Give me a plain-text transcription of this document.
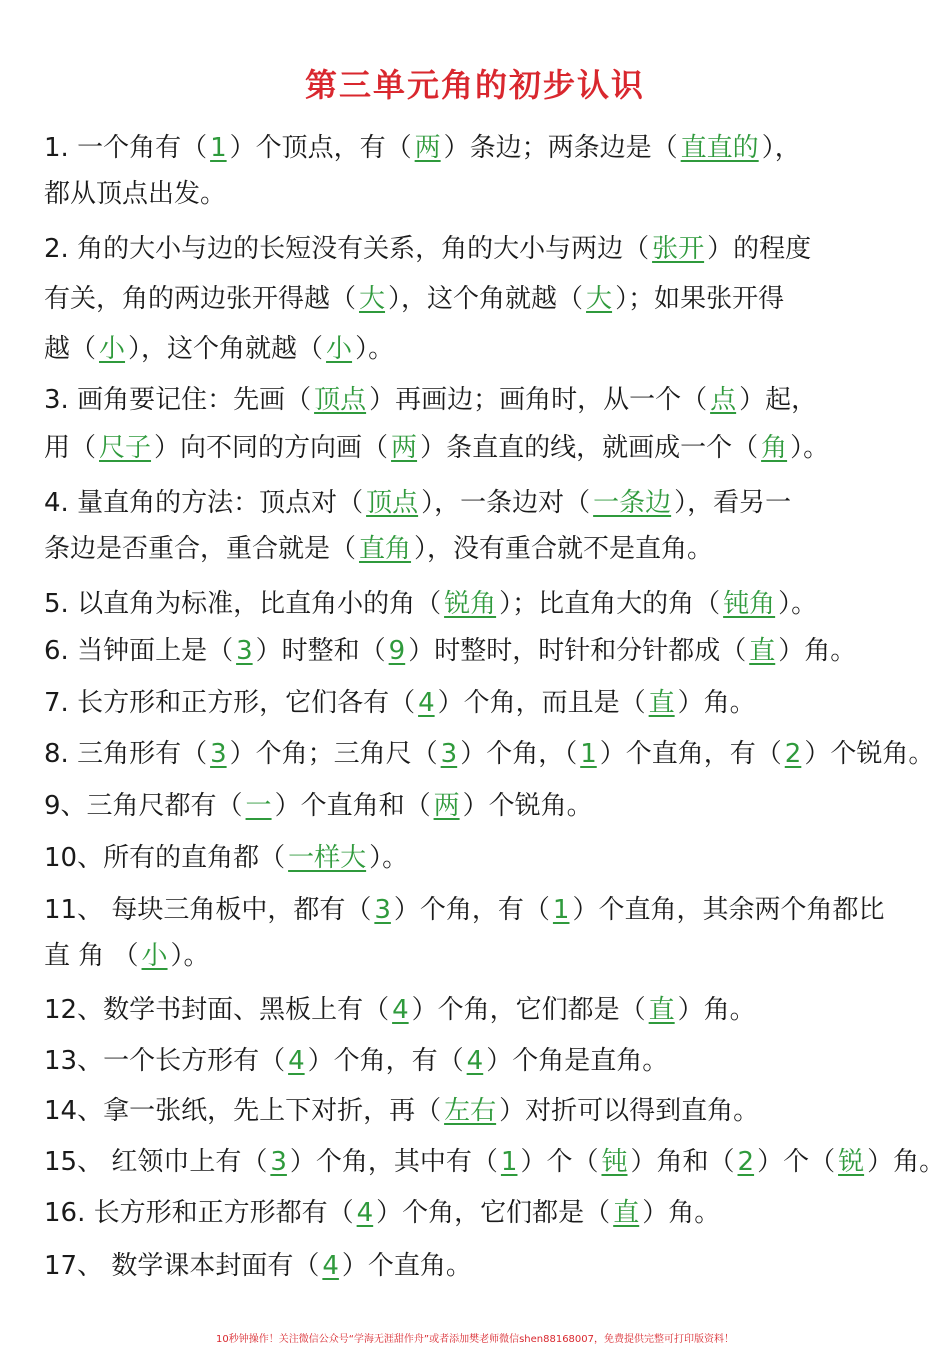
第三单元角的初步认识
1. 一个角有（ 1 ）个顶点，有（ 两 ）条边；两条边是（ 直直的 ），
都从顶点出发。
2. 角的大小与边的长短没有关系，角的大小与两边（ 张开 ）的程度
有关，角的两边张开得越（ 大 ），这个角就越（ 大 ）；如果张开得
越（ 小 ），这个角就越（ 小 ）。
3. 画角要记住：先画（ 顶点 ）再画边；画角时，从一个（ 点 ）起，
用（ 尺子 ）向不同的方向画（ 两 ）条直直的线，就画成一个（ 角 ）。
4. 量直角的方法：顶点对（ 顶点 ），一条边对（ 一条边 ），看另一
条边是否重合，重合就是（ 直角 ），没有重合就不是直角。
5. 以直角为标准，比直角小的角（ 锐角 ）；比直角大的角（ 钝角 ）。
6. 当钟面上是（ 3 ）时整和（ 9 ）时整时，时针和分针都成（ 直 ）角。
7. 长方形和正方形，它们各有（ 4 ）个角，而且是（ 直 ）角。
8. 三角形有（ 3 ）个角；三角尺（ 3 ）个角，（ 1 ）个直角，有（ 2 ）个锐角。
9、三角尺都有（ 一 ）个直角和（ 两 ）个锐角。
10、所有的直角都（ 一样大 ）。
11、 每块三角板中，都有（ 3 ）个角，有（ 1 ）个直角，其余两个角都比
直 角 （ 小 ）。
12、数学书封面、黑板上有（ 4 ）个角，它们都是（ 直 ）角。
13、一个长方形有（ 4 ）个角，有（ 4 ）个角是直角。
14、拿一张纸，先上下对折，再（ 左右 ）对折可以得到直角。
15、 红领巾上有（ 3 ）个角，其中有（ 1 ）个（ 钝 ）角和（ 2 ）个（ 锐 ）角。
16. 长方形和正方形都有（ 4 ）个角，它们都是（ 直 ）角。
17、 数学课本封面有（ 4 ）个直角。
10秒钟操作！关注微信公众号“学海无涯甜作舟”或者添加樊老师微信shen88168007，免费提供完整可打印版资料！
